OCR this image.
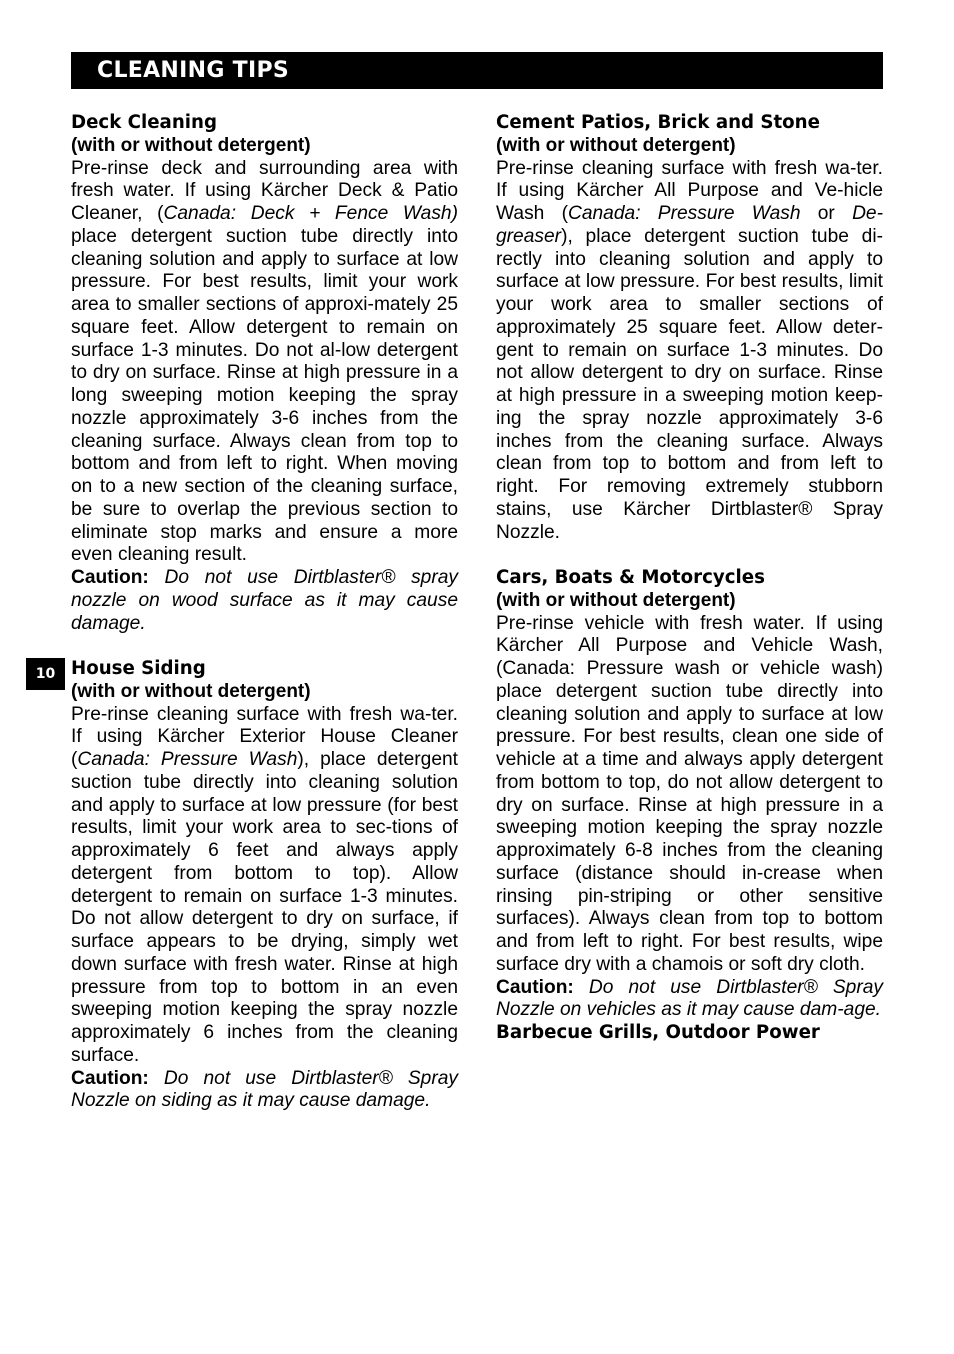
CLEANING TIPS
10
Deck Cleaning
(with or without detergent)
Pre-rinse deck and surrounding area with fresh water. If using Kärcher Deck & Patio Cleaner, (Canada: Deck + Fence Wash) place detergent suction tube directly into cleaning solution and apply to surface at low pressure. For best results, limit your work area to smaller sections of approxi-mately 25 square feet. Allow detergent to remain on surface 1-3 minutes. Do not al-low detergent to dry on surface. Rinse at high pressure in a long sweeping motion keeping the spray nozzle approximately 3-6 inches from the cleaning surface. Always clean from top to bottom and from left to right. When moving on to a new section of the cleaning surface, be sure to overlap the previous section to eliminate stop marks and ensure a more even cleaning result.
Caution: Do not use Dirtblaster® spray nozzle on wood surface as it may cause damage.
House Siding
(with or without detergent)
Pre-rinse cleaning surface with fresh wa-ter. If using Kärcher Exterior House Cleaner (Canada: Pressure Wash), place detergent suction tube directly into cleaning solution and apply to surface at low pressure (for best results, limit your work area to sec-tions of approximately 6 feet and always apply detergent from bottom to top). Allow detergent to remain on surface 1-3 minutes. Do not allow detergent to dry on surface, if surface appears to be drying, simply wet down surface with fresh water. Rinse at high pressure from top to bottom in an even sweeping motion keeping the spray nozzle approximately 6 inches from the cleaning surface.
Caution: Do not use Dirtblaster® Spray Nozzle on siding as it may cause damage.
Cement Patios, Brick and Stone
(with or without detergent)
Pre-rinse cleaning surface with fresh wa-ter. If using Kärcher All Purpose and Ve-hicle Wash (Canada: Pressure Wash or De-greaser), place detergent suction tube di-rectly into cleaning solution and apply to surface at low pressure. For best results, limit your work area to smaller sections of approximately 25 square feet. Allow deter-gent to remain on surface 1-3 minutes. Do not allow detergent to dry on surface. Rinse at high pressure in a sweeping motion keep-ing the spray nozzle approximately 3-6 inches from the cleaning surface. Always clean from top to bottom and from left to right. For removing extremely stubborn stains, use Kärcher Dirtblaster® Spray Nozzle.
Cars, Boats & Motorcycles
(with or without detergent)
Pre-rinse vehicle with fresh water. If using Kärcher All Purpose and Vehicle Wash, (Canada: Pressure wash or vehicle wash) place detergent suction tube directly into cleaning solution and apply to surface at low pressure. For best results, clean one side of vehicle at a time and always apply detergent from bottom to top, do not allow detergent to dry on surface. Rinse at high pressure in a sweeping motion keeping the spray nozzle approximately 6-8 inches from the cleaning surface (distance should in-crease when rinsing pin-striping or other sensitive surfaces). Always clean from top to bottom and from left to right. For best results, wipe surface dry with a chamois or soft dry cloth.
Caution: Do not use Dirtblaster® Spray Nozzle on vehicles as it may cause dam-age.
Barbecue Grills, Outdoor Power
